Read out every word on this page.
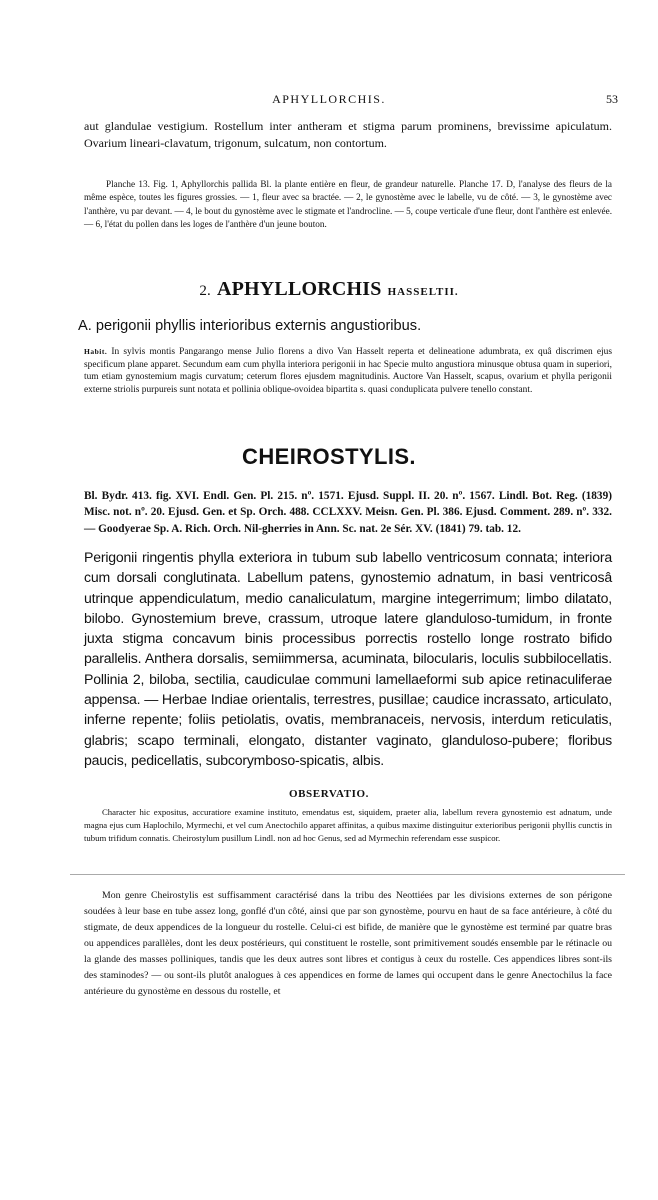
APHYLLORCHIS.	53
aut glandulae vestigium. Rostellum inter antheram et stigma parum prominens, brevissime apiculatum. Ovarium lineari-clavatum, trigonum, sulcatum, non contortum.
Planche 13. Fig. 1, Aphyllorchis pallida Bl. la plante entière en fleur, de grandeur naturelle. Planche 17. D, l'analyse des fleurs de la même espèce, toutes les figures grossies. — 1, fleur avec sa bractée. — 2, le gynostème avec le labelle, vu de côté. — 3, le gynostème avec l'anthère, vu par devant. — 4, le bout du gynostème avec le stigmate et l'androcline. — 5, coupe verticale d'une fleur, dont l'anthère est enlevée. — 6, l'état du pollen dans les loges de l'anthère d'un jeune bouton.
2. APHYLLORCHIS HASSELTII.
A. perigonii phyllis interioribus externis angustioribus.
Habit. In sylvis montis Pangarango mense Julio florens a divo Van Hasselt reperta et delineatione adumbrata, ex quâ discrimen ejus specificum plane apparet. Secundum eam cum phylla interiora perigonii in hac Specie multo angustiora minusque obtusa quam in superiori, tum etiam gynostemium magis curvatum; ceterum flores ejusdem magnitudinis. Auctore Van Hasselt, scapus, ovarium et phylla perigonii externe striolis purpureis sunt notata et pollinia oblique-ovoidea bipartita s. quasi conduplicata pulvere tenello constant.
CHEIROSTYLIS.
Bl. Bydr. 413. fig. XVI. Endl. Gen. Pl. 215. nº. 1571. Ejusd. Suppl. II. 20. nº. 1567. Lindl. Bot. Reg. (1839) Misc. not. nº. 20. Ejusd. Gen. et Sp. Orch. 488. CCLXXV. Meisn. Gen. Pl. 386. Ejusd. Comment. 289. nº. 332. — Goodyerae Sp. A. Rich. Orch. Nil-gherries in Ann. Sc. nat. 2e Sér. XV. (1841) 79. tab. 12.
Perigonii ringentis phylla exteriora in tubum sub labello ventricosum connata; interiora cum dorsali conglutinata. Labellum patens, gynostemio adnatum, in basi ventricosâ utrinque appendiculatum, medio canaliculatum, margine integerrimum; limbo dilatato, bilobo. Gynostemium breve, crassum, utroque latere glanduloso-tumidum, in fronte juxta stigma concavum binis processibus porrectis rostello longe rostrato bifido parallelis. Anthera dorsalis, semiimmersa, acuminata, bilocularis, loculis subbilocellatis. Pollinia 2, biloba, sectilia, caudiculae communi lamellaeformi sub apice retinaculiferae appensa. — Herbae Indiae orientalis, terrestres, pusillae; caudice incrassato, articulato, inferne repente; foliis petiolatis, ovatis, membranaceis, nervosis, interdum reticulatis, glabris; scapo terminali, elongato, distanter vaginato, glanduloso-pubere; floribus paucis, pedicellatis, subcorymboso-spicatis, albis.
OBSERVATIO.
Character hic expositus, accuratiore examine instituto, emendatus est, siquidem, praeter alia, labellum revera gynostemio est adnatum, unde magna ejus cum Haplochilo, Myrmechi, et vel cum Anectochilo apparet affinitas, a quibus maxime distinguitur exterioribus perigonii phyllis cunctis in tubum trifidum connatis. Cheirostylum pusillum Lindl. non ad hoc Genus, sed ad Myrmechin referendam esse suspicor.
Mon genre Cheirostylis est suffisamment caractérisé dans la tribu des Neottiées par les divisions externes de son périgone soudées à leur base en tube assez long, gonflé d'un côté, ainsi que par son gynostème, pourvu en haut de sa face antérieure, à côté du stigmate, de deux appendices de la longueur du rostelle. Celui-ci est bifide, de manière que le gynostème est terminé par quatre bras ou appendices parallèles, dont les deux postérieurs, qui constituent le rostelle, sont primitivement soudés ensemble par le rétinacle ou la glande des masses polliniques, tandis que les deux autres sont libres et contigus à ceux du rostelle. Ces appendices libres sont-ils des staminodes? — ou sont-ils plutôt analogues à ces appendices en forme de lames qui occupent dans le genre Anectochilus la face antérieure du gynostème en dessous du rostelle, et
